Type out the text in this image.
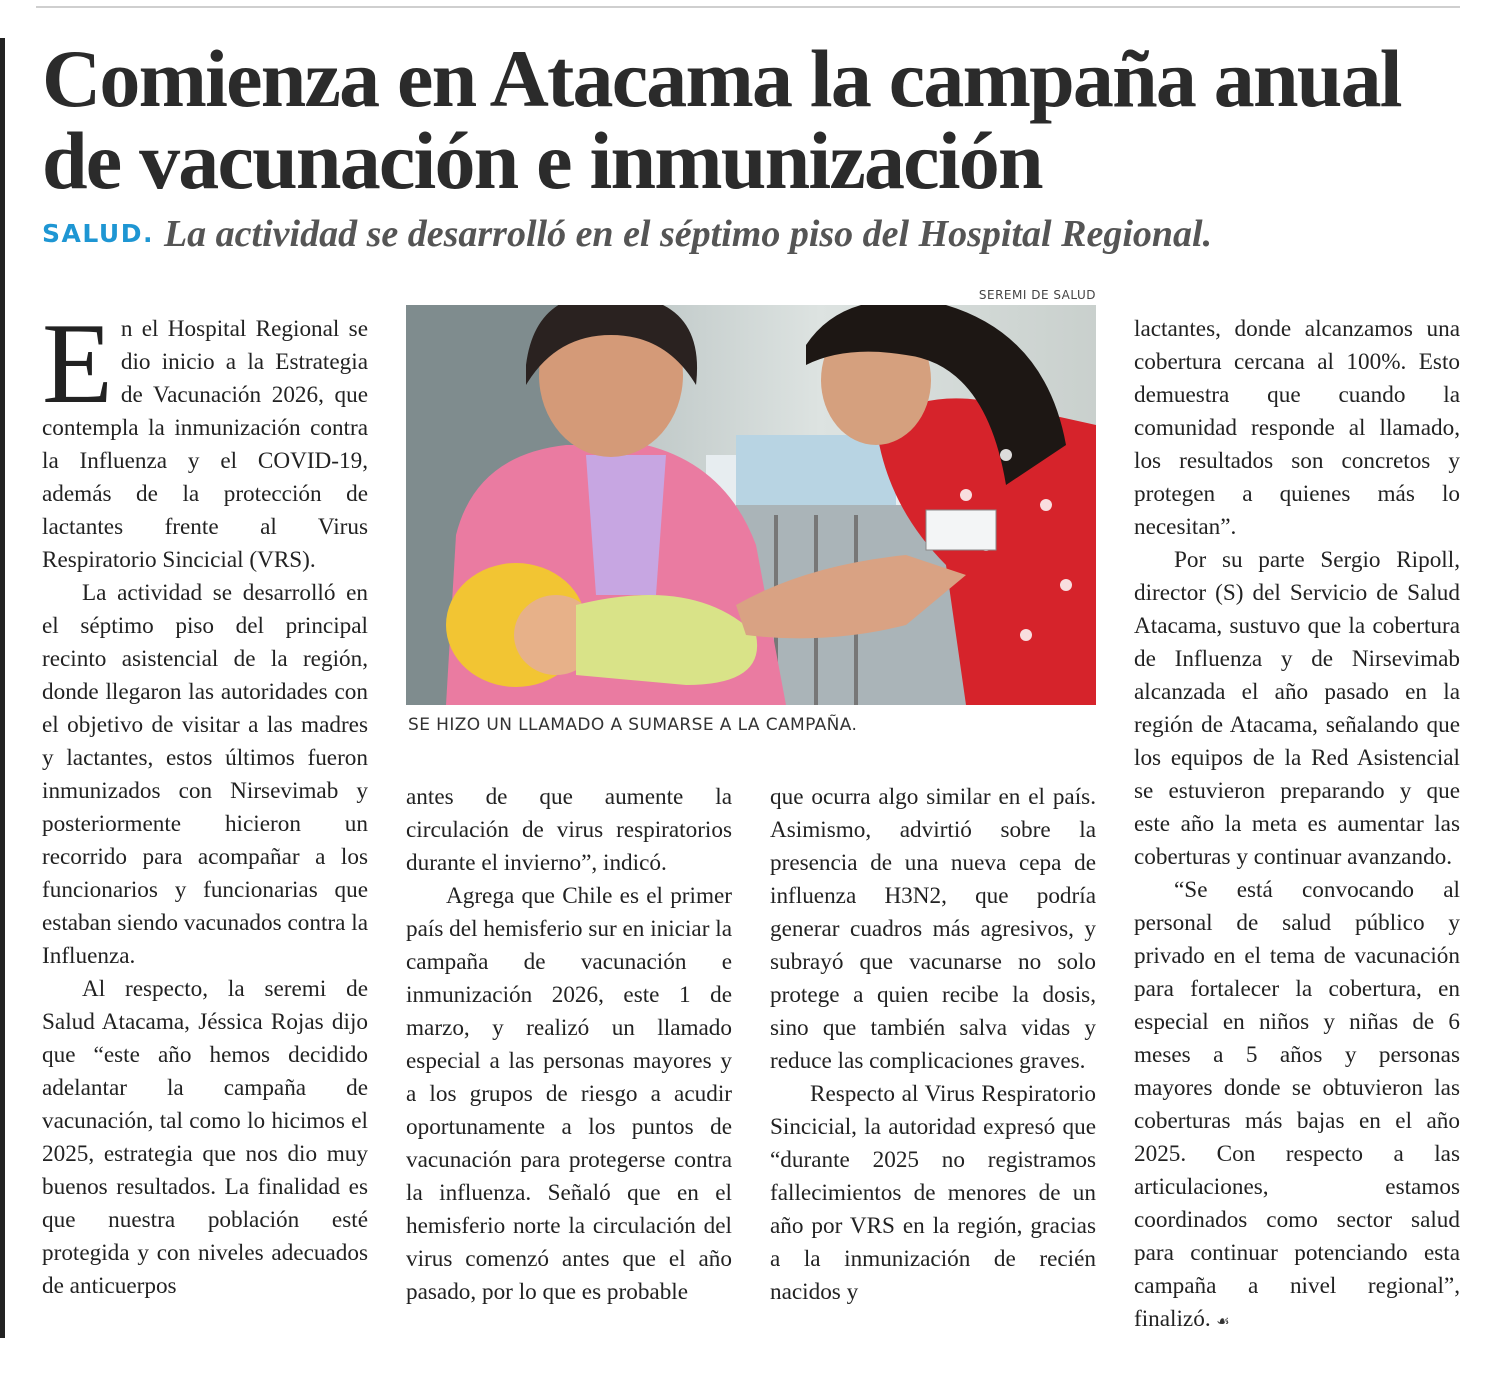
Comienza en Atacama la campaña anual de vacunación e inmunización
SALUD. La actividad se desarrolló en el séptimo piso del Hospital Regional.

En el Hospital Regional se dio inicio a la Estrategia de Vacunación 2026, que contempla la inmunización contra la Influenza y el COVID-19, además de la protección de lactantes frente al Virus Respiratorio Sincicial (VRS).

La actividad se desarrolló en el séptimo piso del principal recinto asistencial de la región, donde llegaron las autoridades con el objetivo de visitar a las madres y lactantes, estos últimos fueron inmunizados con Nirsevimab y posteriormente hicieron un recorrido para acompañar a los funcionarios y funcionarias que estaban siendo vacunados contra la Influenza.

Al respecto, la seremi de Salud Atacama, Jéssica Rojas dijo que “este año hemos decidido adelantar la campaña de vacunación, tal como lo hicimos el 2025, estrategia que nos dio muy buenos resultados. La finalidad es que nuestra población esté protegida y con niveles adecuados de anticuerpos

SEREMI DE SALUD
SE HIZO UN LLAMADO A SUMARSE A LA CAMPAÑA.

antes de que aumente la circulación de virus respiratorios durante el invierno”, indicó.

Agrega que Chile es el primer país del hemisferio sur en iniciar la campaña de vacunación e inmunización 2026, este 1 de marzo, y realizó un llamado especial a las personas mayores y a los grupos de riesgo a acudir oportunamente a los puntos de vacunación para protegerse contra la influenza. Señaló que en el hemisferio norte la circulación del virus comenzó antes que el año pasado, por lo que es probable

que ocurra algo similar en el país. Asimismo, advirtió sobre la presencia de una nueva cepa de influenza H3N2, que podría generar cuadros más agresivos, y subrayó que vacunarse no solo protege a quien recibe la dosis, sino que también salva vidas y reduce las complicaciones graves.

Respecto al Virus Respiratorio Sincicial, la autoridad expresó que “durante 2025 no registramos fallecimientos de menores de un año por VRS en la región, gracias a la inmunización de recién nacidos y

lactantes, donde alcanzamos una cobertura cercana al 100%. Esto demuestra que cuando la comunidad responde al llamado, los resultados son concretos y protegen a quienes más lo necesitan”.

Por su parte Sergio Ripoll, director (S) del Servicio de Salud Atacama, sustuvo que la cobertura de Influenza y de Nirsevimab alcanzada el año pasado en la región de Atacama, señalando que los equipos de la Red Asistencial se estuvieron preparando y que este año la meta es aumentar las coberturas y continuar avanzando.

“Se está convocando al personal de salud público y privado en el tema de vacunación para fortalecer la cobertura, en especial en niños y niñas de 6 meses a 5 años y personas mayores donde se obtuvieron las coberturas más bajas en el año 2025. Con respecto a las articulaciones, estamos coordinados como sector salud para continuar potenciando esta campaña a nivel regional”, finalizó. ☙
